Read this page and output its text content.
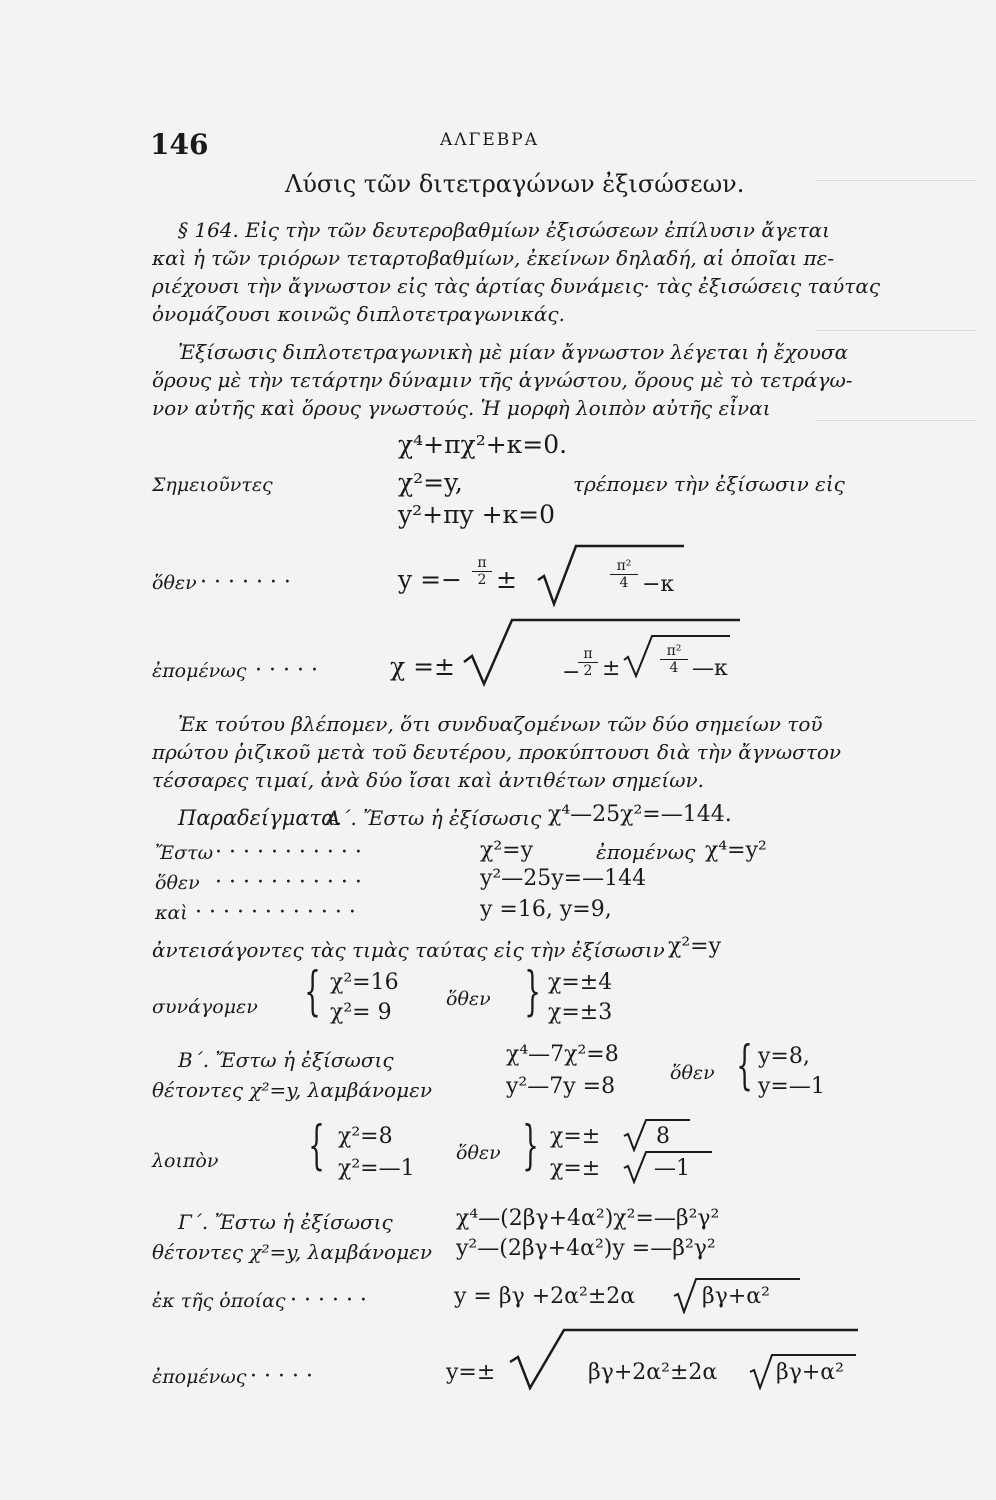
146	ΑΛΓΕΒΡΑ
Λύσις τῶν διτετραγώνων ἐξισώσεων.
§ 164. Εἰς τὴν τῶν δευτεροβαθμίων ἐξισώσεων ἐπίλυσιν ἄγεται
καὶ ἡ τῶν τριόρων τεταρτοβαθμίων, ἐκείνων δηλαδή, αἱ ὁποῖαι πε-
ριέχουσι τὴν ἄγνωστον εἰς τὰς ἀρτίας δυνάμεις· τὰς ἐξισώσεις ταύτας
ὀνομάζουσι κοινῶς διπλοτετραγωνικάς.
Ἐξίσωσις διπλοτετραγωνικὴ μὲ μίαν ἄγνωστον λέγεται ἡ ἔχουσα
ὅρους μὲ τὴν τετάρτην δύναμιν τῆς ἀγνώστου, ὅρους μὲ τὸ τετράγω-
νον αὐτῆς καὶ ὅρους γνωστούς. Ἡ μορφὴ λοιπὸν αὐτῆς εἶναι
χ⁴+πχ²+κ=0.
Σημειοῦντες	χ²=y,	τρέπομεν τὴν ἐξίσωσιν εἰς
y²+πy +κ=0
ὅθεν · · · · · · ·	$y =- \frac{\pi}{2}$ ±	$\frac{\text{π²}}{4} -\kappa$
ἐπομένως · · · · ·	χ =±	−
$\frac{\pi}{2}$ ±	$\frac{\text{π²}}{4}$ —κ
Ἐκ τούτου βλέπομεν, ὅτι συνδυαζομένων τῶν δύο σημείων τοῦ
πρώτου ῥιζικοῦ μετὰ τοῦ δευτέρου, προκύπτουσι διὰ τὴν ἄγνωστον
τέσσαρες τιμαί, ἀνὰ δύο ἴσαι καὶ ἀντιθέτων σημείων.
Παραδείγματα.
Α΄. Ἔστω ἡ ἐξίσωσις χ⁴—25χ²=—144.
Ἔστω · · · · · · · · · · ·	χ²=y	ἐπομένως χ⁴=y²
ὅθεν · · · · · · · · · · ·	y²—25y=—144
καὶ · · · · · · · · · · · ·	y =16, y=9,
ἀντεισάγοντες τὰς τιμὰς ταύτας εἰς τὴν ἐξίσωσιν χ²=y
συνάγομεν { χ²=16
χ²= 9
ὅθεν } χ=±4
χ=±3
Β΄. Ἔστω ἡ ἐξίσωσις	χ⁴—7χ²=8
θέτοντες χ²=y, λαμβάνομεν	y²—7y =8
ὅθεν { y=8,
y=—1
λοιπὸν { χ²=8
χ²=—1
ὅθεν } χ=±	8
χ=± —1
Γ΄. Ἔστω ἡ ἐξίσωσις	χ⁴—(2βγ+4α²)χ²=—β²γ²
θέτοντες χ²=y, λαμβάνομεν y²—(2βγ+4α²)y =—β²γ²
ἐκ τῆς ὁποίας · · · · · ·	y = βγ +2α²±2α	βγ+α²
ἐπομένως · · · · ·	y=±	βγ+2α²±2α	βγ+α²
